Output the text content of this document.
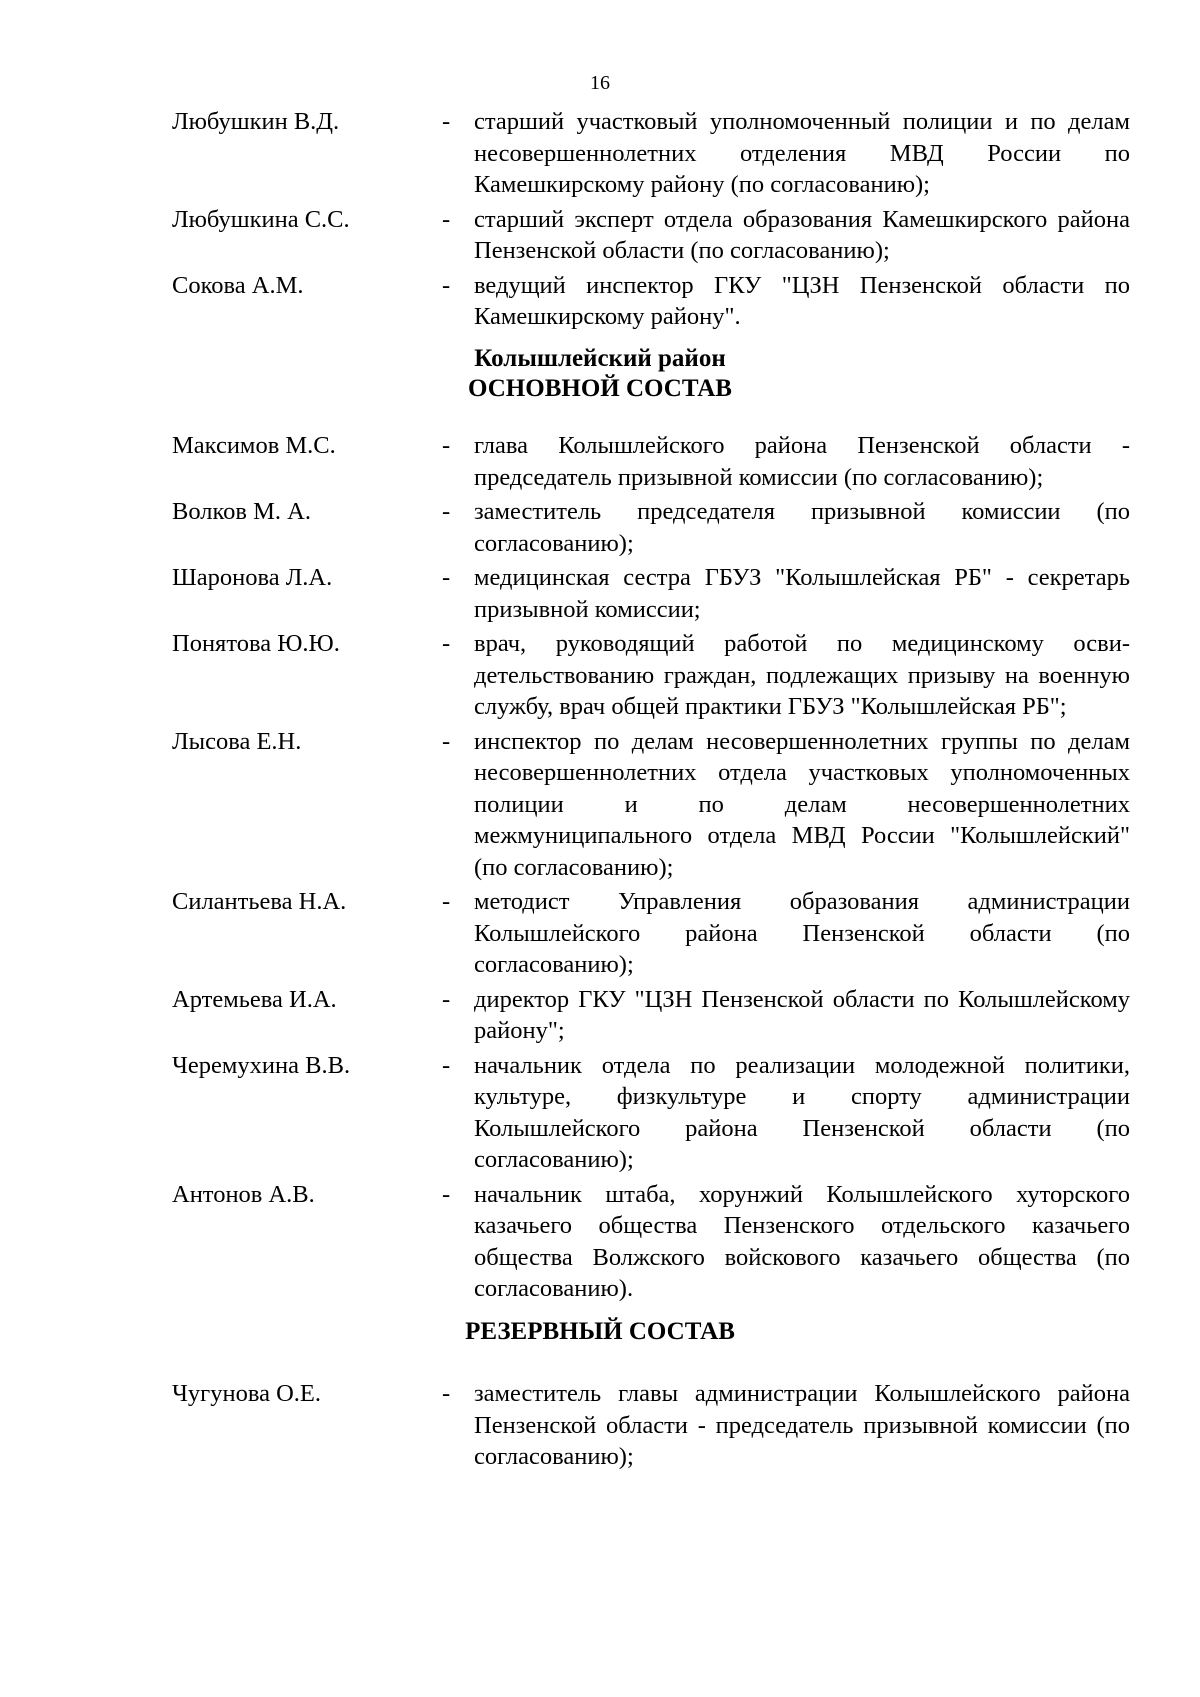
16
Любушкин В.Д.	- старший участковый уполномоченный полиции и по делам несовершеннолетних отделения МВД России по Камешкирскому району (по согласованию);
Любушкина С.С.	- старший эксперт отдела образования Камешкирского района Пензенской области (по согласованию);
Сокова А.М.	- ведущий инспектор ГКУ "ЦЗН Пензенской области по Камешкирскому району".
Колышлейский район
ОСНОВНОЙ СОСТАВ
Максимов М.С.	- глава Колышлейского района Пензенской области - председатель призывной комиссии (по согласованию);
Волков М. А.	- заместитель председателя призывной комиссии (по согласованию);
Шаронова Л.А.	- медицинская сестра ГБУЗ "Колышлейская РБ" - секретарь призывной комиссии;
Понятова Ю.Ю.	- врач, руководящий работой по медицинскому осви-детельствованию граждан, подлежащих призыву на военную службу, врач общей практики ГБУЗ "Колышлейская РБ";
Лысова Е.Н.	- инспектор по делам несовершеннолетних группы по делам несовершеннолетних отдела участковых уполномоченных полиции и по делам несовершеннолетних межмуниципального отдела МВД России "Колышлейский" (по согласованию);
Силантьева Н.А.	- методист Управления образования администрации Колышлейского района Пензенской области (по согласованию);
Артемьева И.А.	- директор ГКУ "ЦЗН Пензенской области по Колышлейскому району";
Черемухина В.В.	- начальник отдела по реализации молодежной политики, культуре, физкультуре и спорту администрации Колышлейского района Пензенской области (по согласованию);
Антонов А.В.	- начальник штаба, хорунжий Колышлейского хуторского казачьего общества Пензенского отдельского казачьего общества Волжского войскового казачьего общества (по согласованию).
РЕЗЕРВНЫЙ СОСТАВ
Чугунова О.Е.	- заместитель главы администрации Колышлейского района Пензенской области - председатель призывной комиссии (по согласованию);
